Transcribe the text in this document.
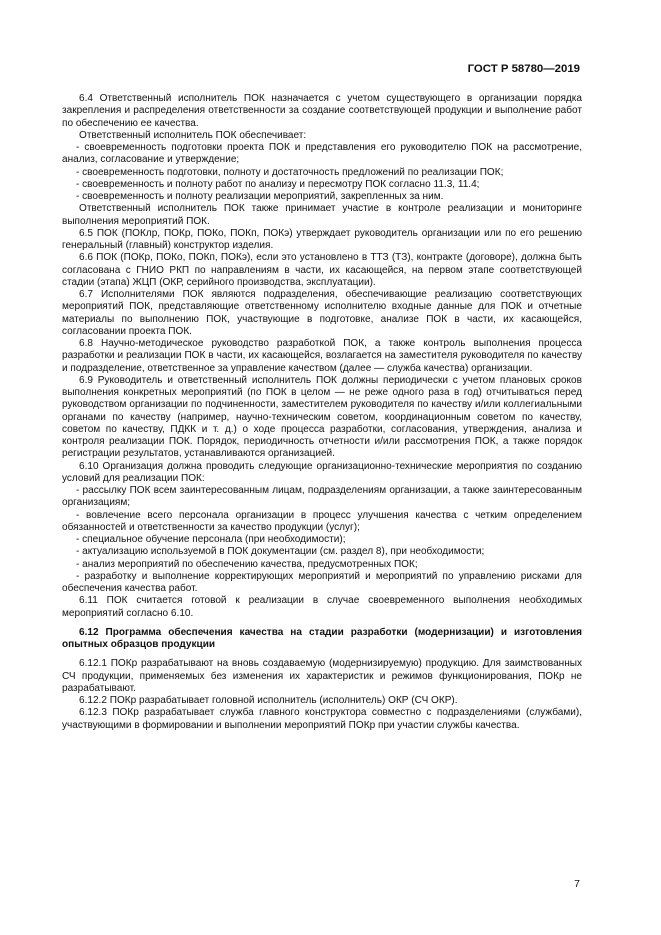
ГОСТ Р 58780—2019

6.4 Ответственный исполнитель ПОК назначается с учетом существующего в организации порядка закрепления и распределения ответственности за создание соответствующей продукции и выполнение работ по обеспечению ее качества.

Ответственный исполнитель ПОК обеспечивает:

- своевременность подготовки проекта ПОК и представления его руководителю ПОК на рассмотрение, анализ, согласование и утверждение;

- своевременность подготовки, полноту и достаточность предложений по реализации ПОК;

- своевременность и полноту работ по анализу и пересмотру ПОК согласно 11.3, 11.4;

- своевременность и полноту реализации мероприятий, закрепленных за ним.

Ответственный исполнитель ПОК также принимает участие в контроле реализации и мониторинге выполнения мероприятий ПОК.

6.5 ПОК (ПОКлр, ПОКр, ПОКо, ПОКп, ПОКэ) утверждает руководитель организации или по его решению генеральный (главный) конструктор изделия.

6.6 ПОК (ПОКр, ПОКо, ПОКп, ПОКэ), если это установлено в ТТЗ (ТЗ), контракте (договоре), должна быть согласована с ГНИО РКП по направлениям в части, их касающейся, на первом этапе соответствующей стадии (этапа) ЖЦП (ОКР, серийного производства, эксплуатации).

6.7 Исполнителями ПОК являются подразделения, обеспечивающие реализацию соответствующих мероприятий ПОК, представляющие ответственному исполнителю входные данные для ПОК и отчетные материалы по выполнению ПОК, участвующие в подготовке, анализе ПОК в части, их касающейся, согласовании проекта ПОК.

6.8 Научно-методическое руководство разработкой ПОК, а также контроль выполнения процесса разработки и реализации ПОК в части, их касающейся, возлагается на заместителя руководителя по качеству и подразделение, ответственное за управление качеством (далее — служба качества) организации.

6.9 Руководитель и ответственный исполнитель ПОК должны периодически с учетом плановых сроков выполнения конкретных мероприятий (по ПОК в целом — не реже одного раза в год) отчитываться перед руководством организации по подчиненности, заместителем руководителя по качеству и/или коллегиальными органами по качеству (например, научно-техническим советом, координационным советом по качеству, советом по качеству, ПДКК и т. д.) о ходе процесса разработки, согласования, утверждения, анализа и контроля реализации ПОК. Порядок, периодичность отчетности и/или рассмотрения ПОК, а также порядок регистрации результатов, устанавливаются организацией.

6.10 Организация должна проводить следующие организационно-технические мероприятия по созданию условий для реализации ПОК:

- рассылку ПОК всем заинтересованным лицам, подразделениям организации, а также заинтересованным организациям;

- вовлечение всего персонала организации в процесс улучшения качества с четким определением обязанностей и ответственности за качество продукции (услуг);

- специальное обучение персонала (при необходимости);

- актуализацию используемой в ПОК документации (см. раздел 8), при необходимости;

- анализ мероприятий по обеспечению качества, предусмотренных ПОК;

- разработку и выполнение корректирующих мероприятий и мероприятий по управлению рисками для обеспечения качества работ.

6.11 ПОК считается готовой к реализации в случае своевременного выполнения необходимых мероприятий согласно 6.10.

6.12 Программа обеспечения качества на стадии разработки (модернизации) и изготовления опытных образцов продукции

6.12.1 ПОКр разрабатывают на вновь создаваемую (модернизируемую) продукцию. Для заимствованных СЧ продукции, применяемых без изменения их характеристик и режимов функционирования, ПОКр не разрабатывают.

6.12.2 ПОКр разрабатывает головной исполнитель (исполнитель) ОКР (СЧ ОКР).

6.12.3 ПОКр разрабатывает служба главного конструктора совместно с подразделениями (службами), участвующими в формировании и выполнении мероприятий ПОКр при участии службы качества.

7
